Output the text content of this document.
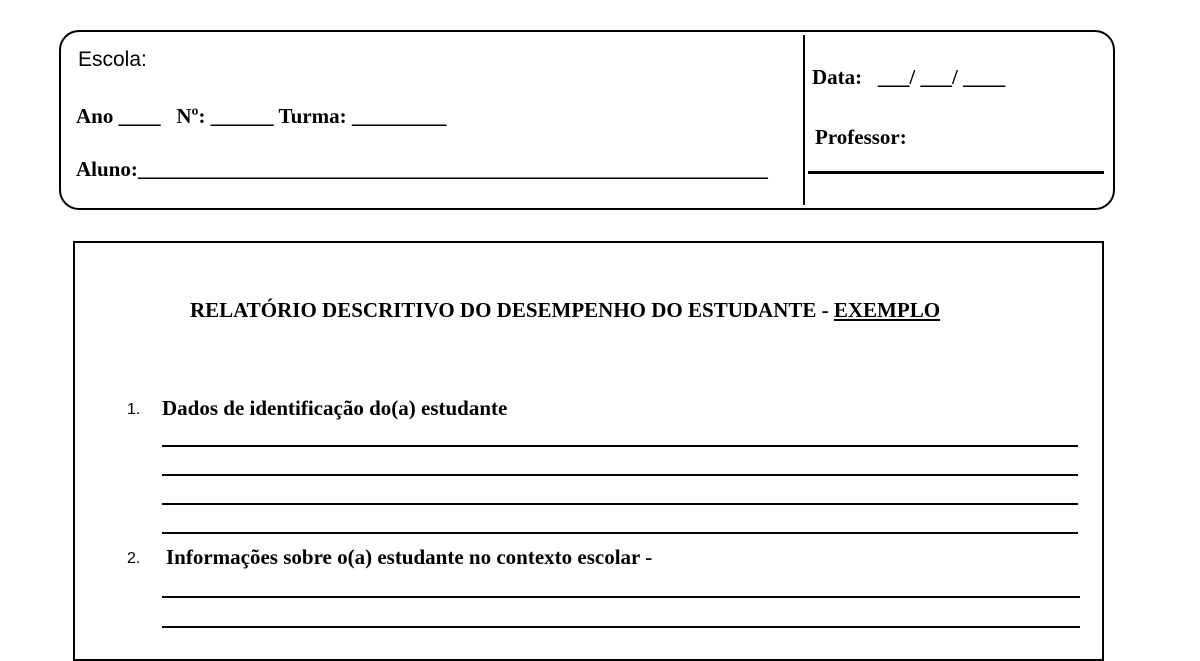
Escola:
Ano ____   Nº: ______ Turma: _________
Aluno:____________________________________________________________
Data:   ___/ ___/ ____
Professor:
RELATÓRIO DESCRITIVO DO DESEMPENHO DO ESTUDANTE - EXEMPLO
1. Dados de identificação do(a) estudante
2. Informações sobre o(a) estudante no contexto escolar -
